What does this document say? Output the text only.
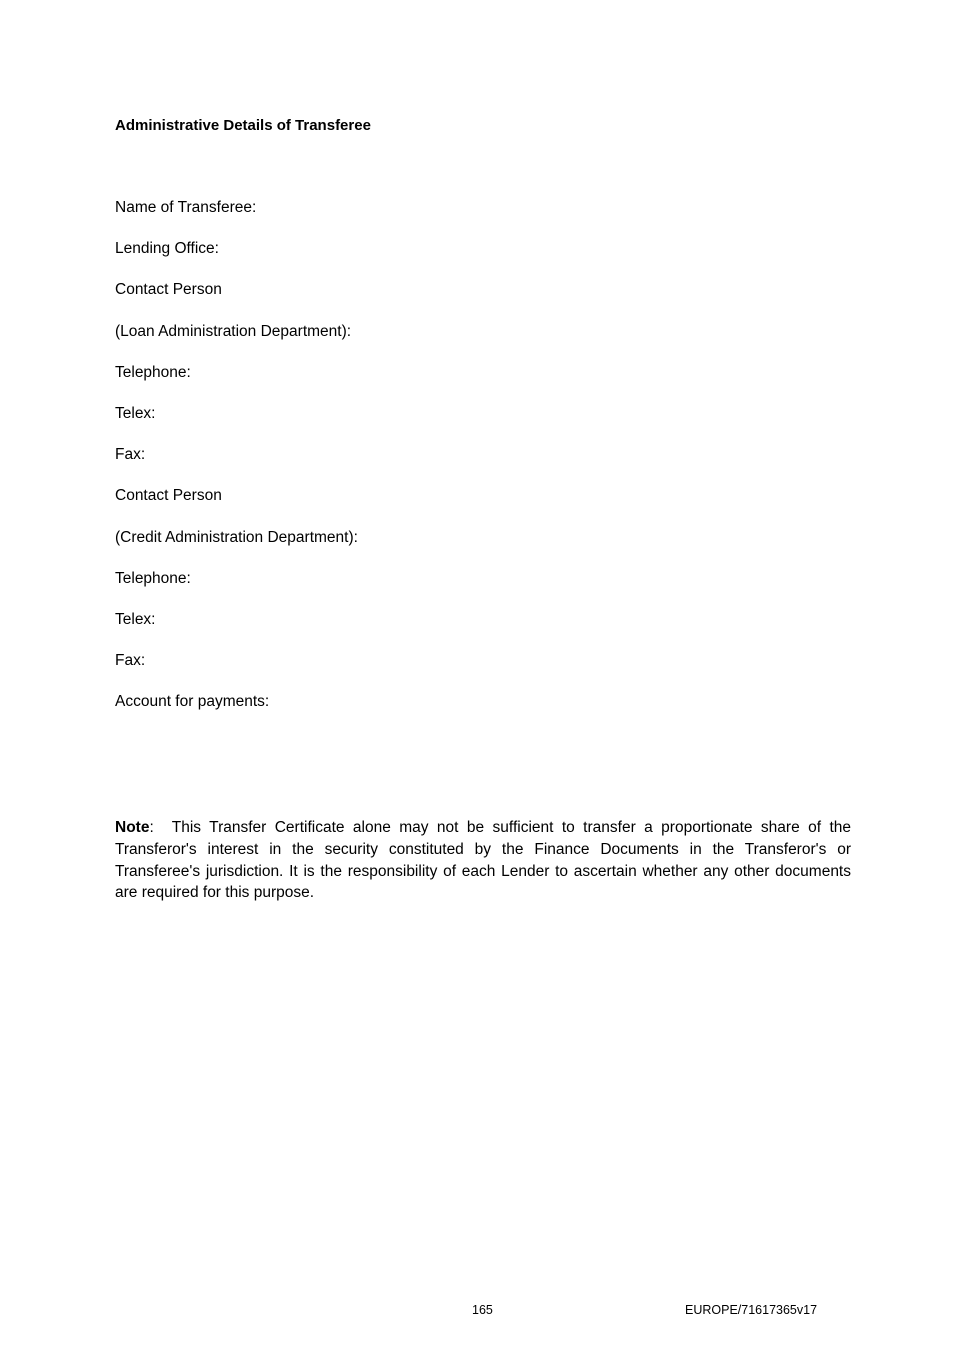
Administrative Details of Transferee
Name of Transferee:
Lending Office:
Contact Person
(Loan Administration Department):
Telephone:
Telex:
Fax:
Contact Person
(Credit Administration Department):
Telephone:
Telex:
Fax:
Account for payments:

Note: This Transfer Certificate alone may not be sufficient to transfer a proportionate share of the Transferor's interest in the security constituted by the Finance Documents in the Transferor's or Transferee's jurisdiction. It is the responsibility of each Lender to ascertain whether any other documents are required for this purpose.

165	EUROPE/71617365v17
